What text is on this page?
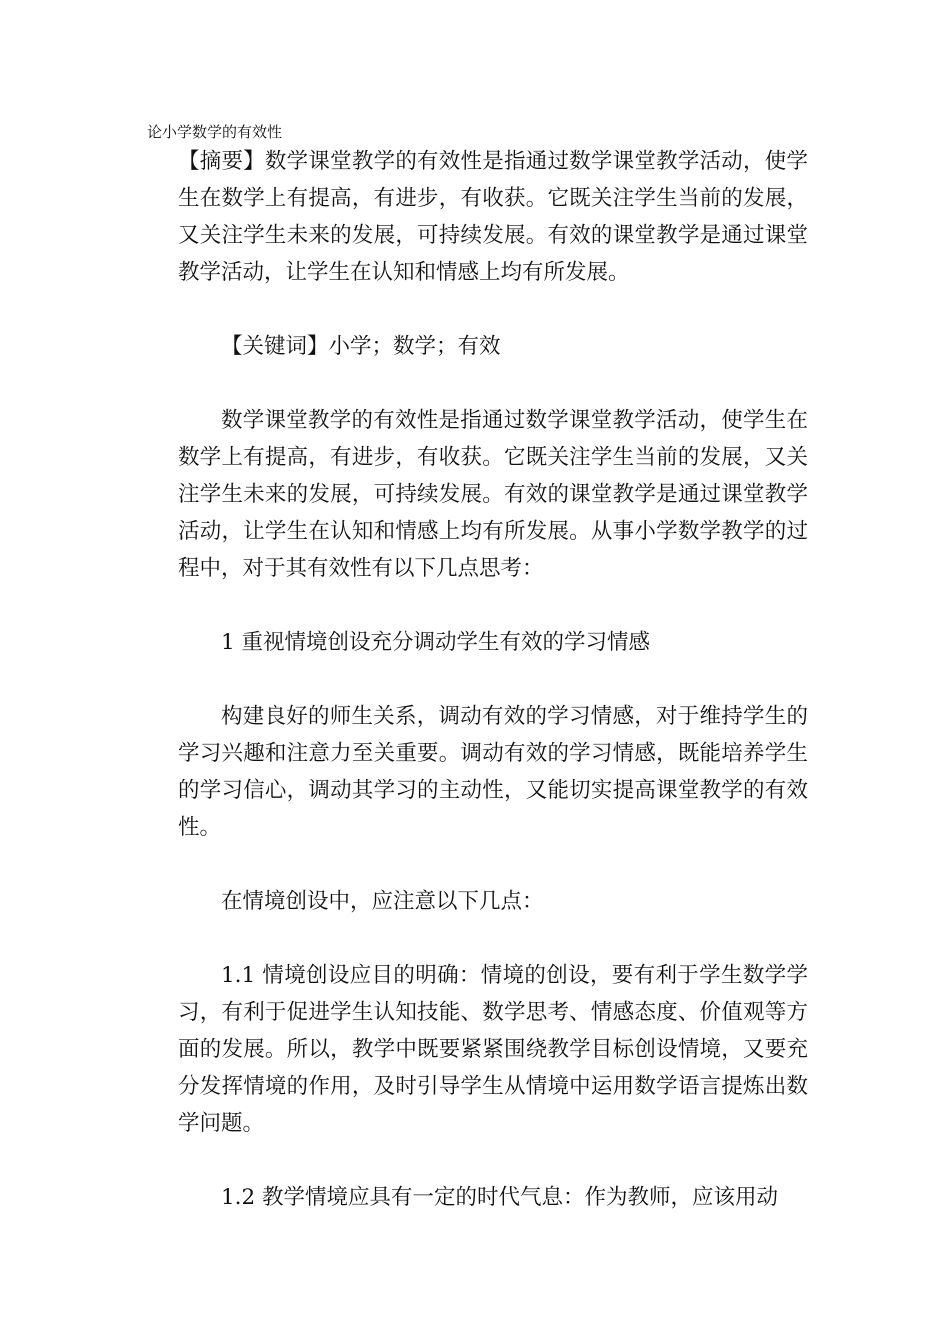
论小学数学的有效性

【摘要】数学课堂教学的有效性是指通过数学课堂教学活动，使学生在数学上有提高，有进步，有收获。它既关注学生当前的发展，又关注学生未来的发展，可持续发展。有效的课堂教学是通过课堂教学活动，让学生在认知和情感上均有所发展。

【关键词】小学；数学；有效

数学课堂教学的有效性是指通过数学课堂教学活动，使学生在数学上有提高，有进步，有收获。它既关注学生当前的发展，又关注学生未来的发展，可持续发展。有效的课堂教学是通过课堂教学活动，让学生在认知和情感上均有所发展。从事小学数学教学的过程中，对于其有效性有以下几点思考：

1 重视情境创设充分调动学生有效的学习情感

构建良好的师生关系，调动有效的学习情感，对于维持学生的学习兴趣和注意力至关重要。调动有效的学习情感，既能培养学生的学习信心，调动其学习的主动性，又能切实提高课堂教学的有效性。

在情境创设中，应注意以下几点：

1.1 情境创设应目的明确：情境的创设，要有利于学生数学学习，有利于促进学生认知技能、数学思考、情感态度、价值观等方面的发展。所以，教学中既要紧紧围绕教学目标创设情境，又要充分发挥情境的作用，及时引导学生从情境中运用数学语言提炼出数学问题。

1.2 教学情境应具有一定的时代气息：作为教师，应该用动
